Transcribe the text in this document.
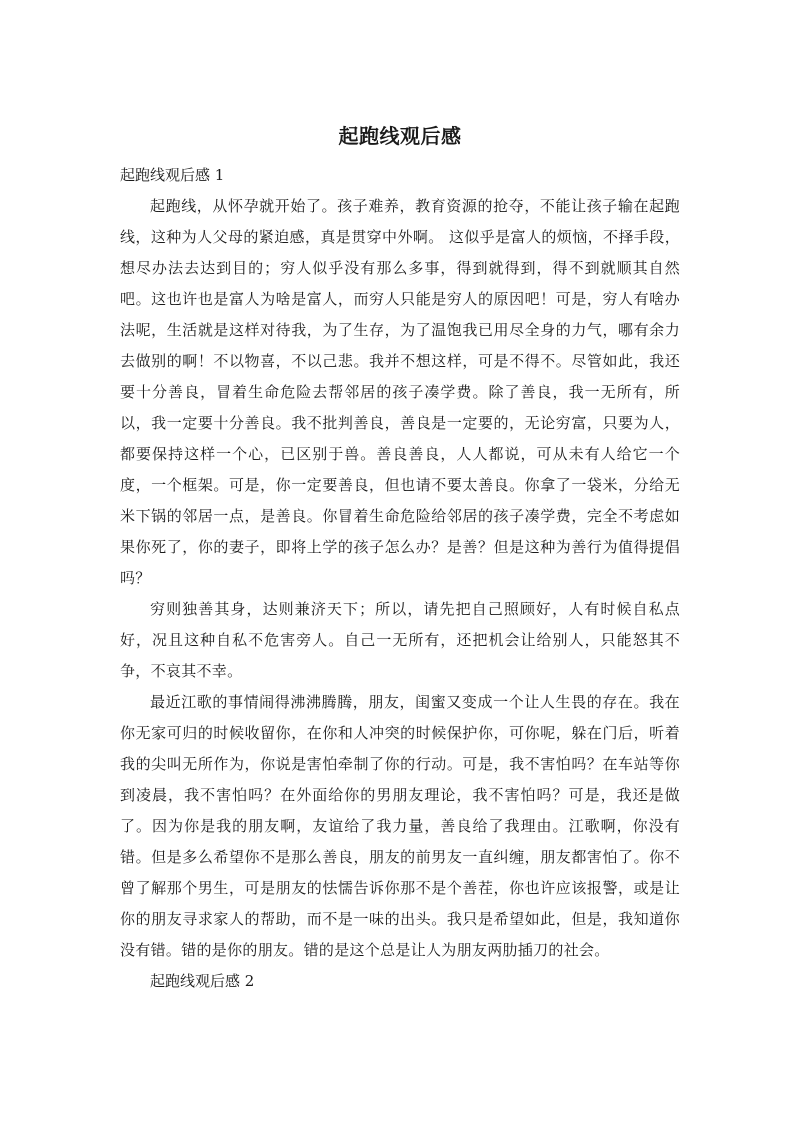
起跑线观后感

起跑线观后感 1

起跑线，从怀孕就开始了。孩子难养，教育资源的抢夺，不能让孩子输在起跑线，这种为人父母的紧迫感，真是贯穿中外啊。 这似乎是富人的烦恼，不择手段，想尽办法去达到目的；穷人似乎没有那么多事，得到就得到，得不到就顺其自然吧。这也许也是富人为啥是富人，而穷人只能是穷人的原因吧！可是，穷人有啥办法呢，生活就是这样对待我，为了生存，为了温饱我已用尽全身的力气，哪有余力去做别的啊！不以物喜，不以己悲。我并不想这样，可是不得不。尽管如此，我还要十分善良，冒着生命危险去帮邻居的孩子凑学费。除了善良，我一无所有，所以，我一定要十分善良。我不批判善良，善良是一定要的，无论穷富，只要为人，都要保持这样一个心，已区别于兽。善良善良，人人都说，可从未有人给它一个度，一个框架。可是，你一定要善良，但也请不要太善良。你拿了一袋米，分给无米下锅的邻居一点，是善良。你冒着生命危险给邻居的孩子凑学费，完全不考虑如果你死了，你的妻子，即将上学的孩子怎么办？是善？但是这种为善行为值得提倡吗？

穷则独善其身，达则兼济天下；所以，请先把自己照顾好，人有时候自私点好，况且这种自私不危害旁人。自己一无所有，还把机会让给别人，只能怒其不争，不哀其不幸。

最近江歌的事情闹得沸沸腾腾，朋友，闺蜜又变成一个让人生畏的存在。我在你无家可归的时候收留你，在你和人冲突的时候保护你，可你呢，躲在门后，听着我的尖叫无所作为，你说是害怕牵制了你的行动。可是，我不害怕吗？在车站等你到凌晨，我不害怕吗？在外面给你的男朋友理论，我不害怕吗？可是，我还是做了。因为你是我的朋友啊，友谊给了我力量，善良给了我理由。江歌啊，你没有错。但是多么希望你不是那么善良，朋友的前男友一直纠缠，朋友都害怕了。你不曾了解那个男生，可是朋友的怯懦告诉你那不是个善茬，你也许应该报警，或是让你的朋友寻求家人的帮助，而不是一味的出头。我只是希望如此，但是，我知道你没有错。错的是你的朋友。错的是这个总是让人为朋友两肋插刀的社会。

起跑线观后感 2
